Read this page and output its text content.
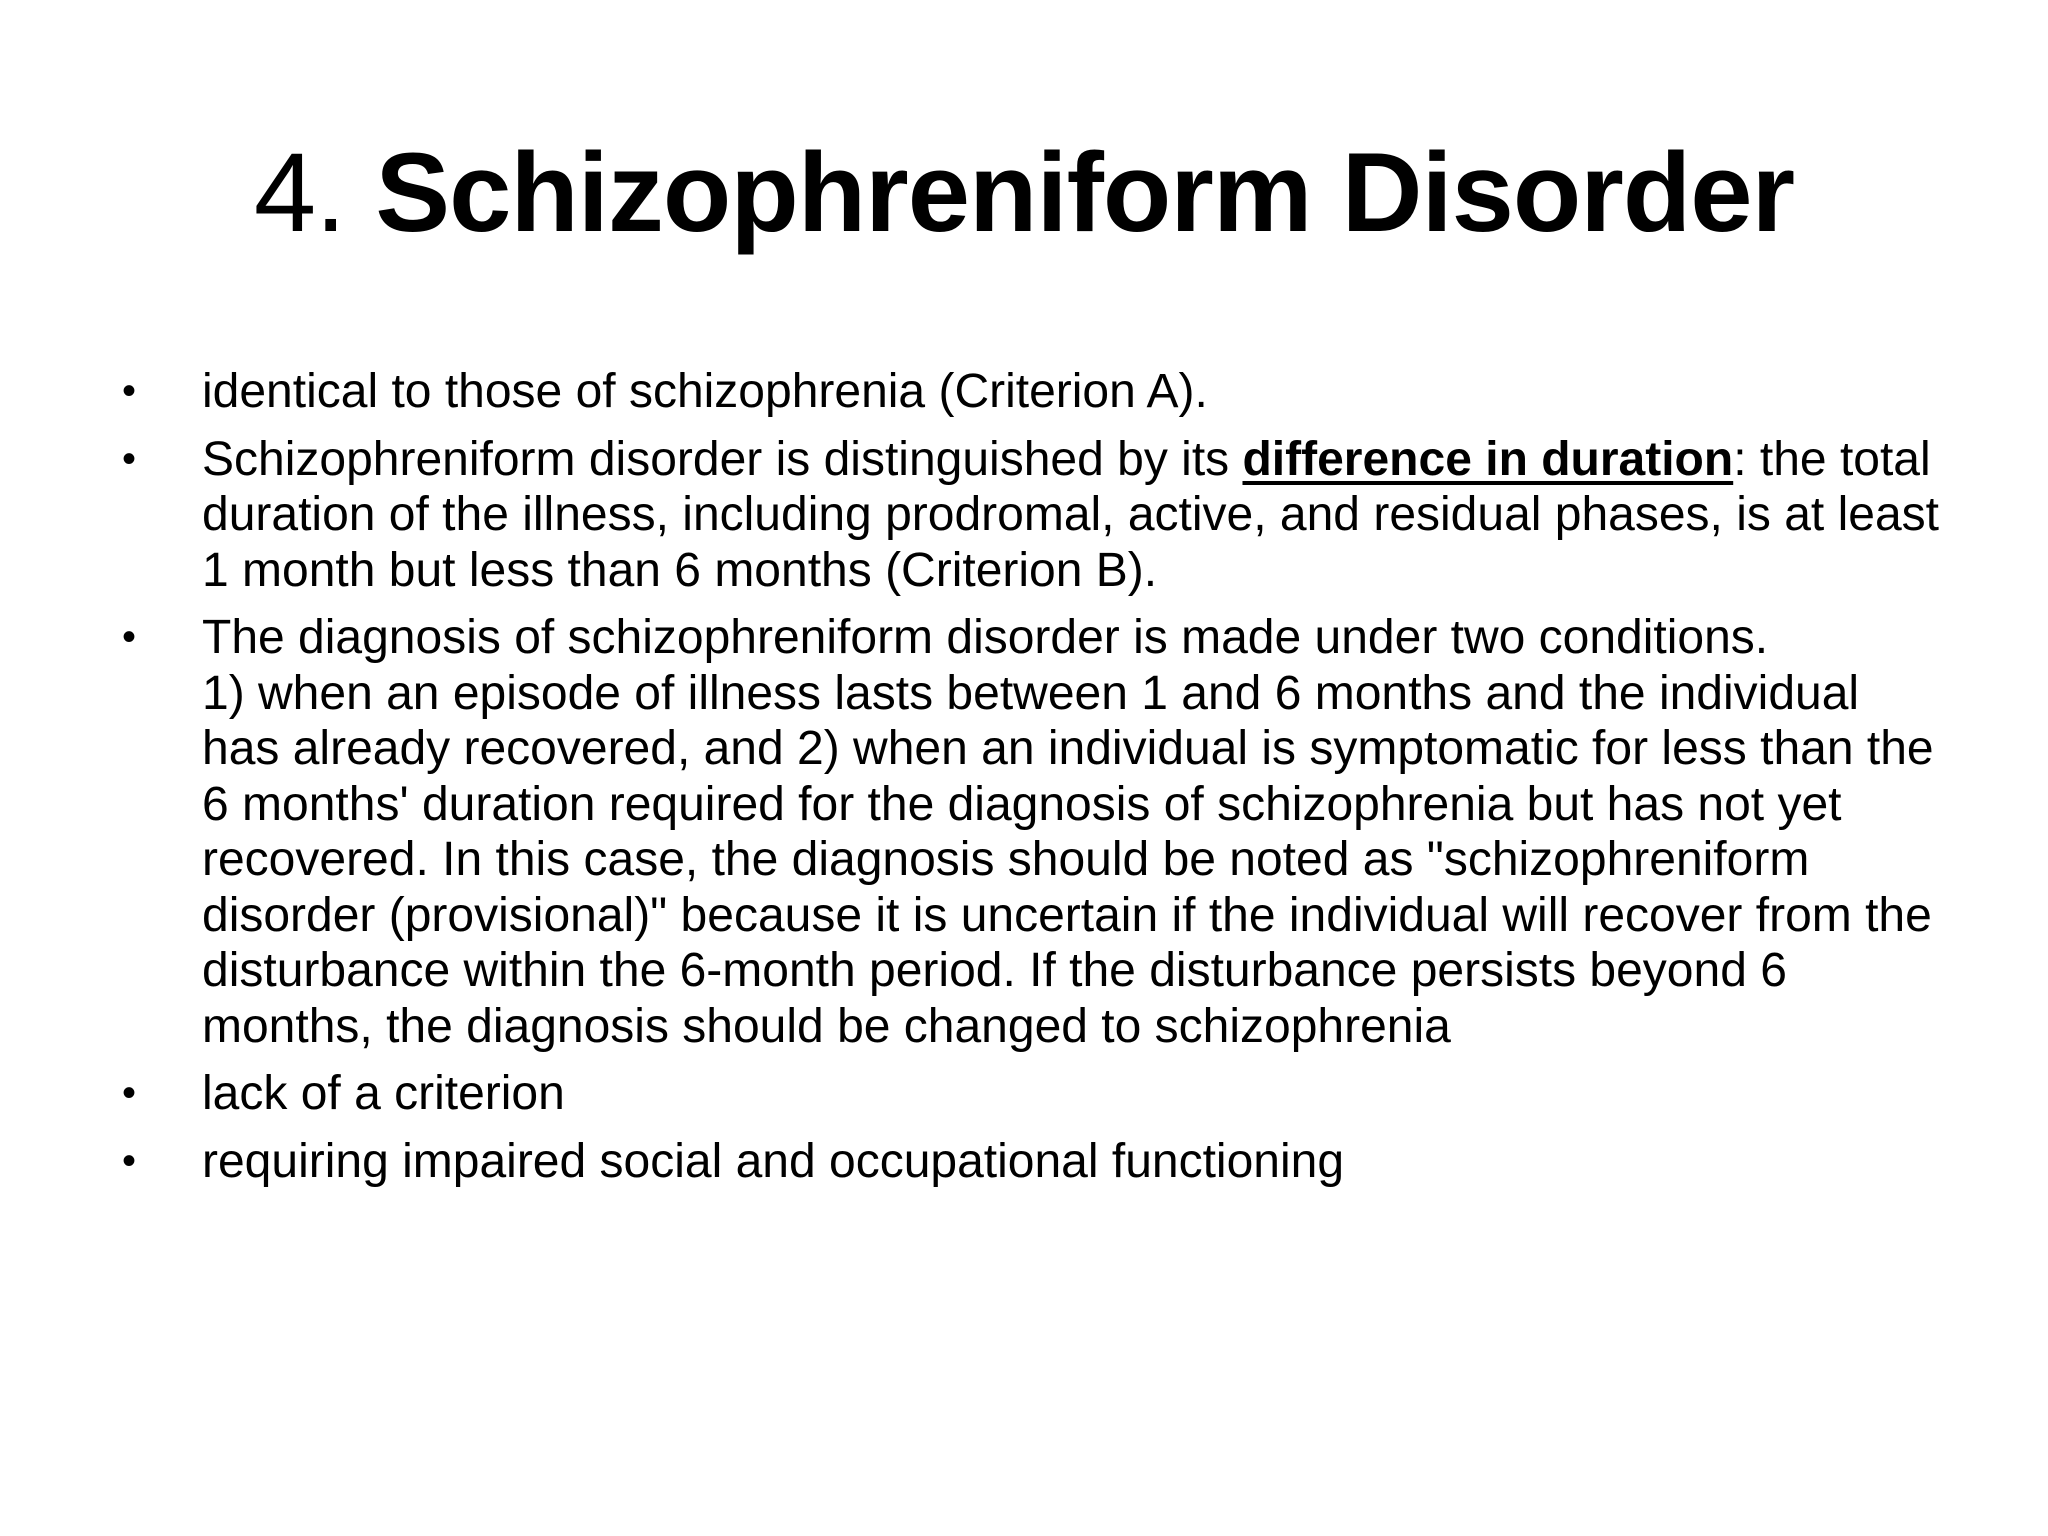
4. Schizophreniform Disorder
•	identical to those of schizophrenia (Criterion A).
•	Schizophreniform disorder is distinguished by its difference in duration: the total duration of the illness, including prodromal, active, and residual phases, is at least 1 month but less than 6 months (Criterion B).
•	The diagnosis of schizophreniform disorder is made under two conditions.
1) when an episode of illness lasts between 1 and 6 months and the individual has already recovered, and 2) when an individual is symptomatic for less than the 6 months' duration required for the diagnosis of schizophrenia but has not yet recovered. In this case, the diagnosis should be noted as "schizophreniform disorder (provisional)" because it is uncertain if the individual will recover from the disturbance within the 6-month period. If the disturbance persists beyond 6 months, the diagnosis should be changed to schizophrenia
•	lack of a criterion
•	requiring impaired social and occupational functioning
